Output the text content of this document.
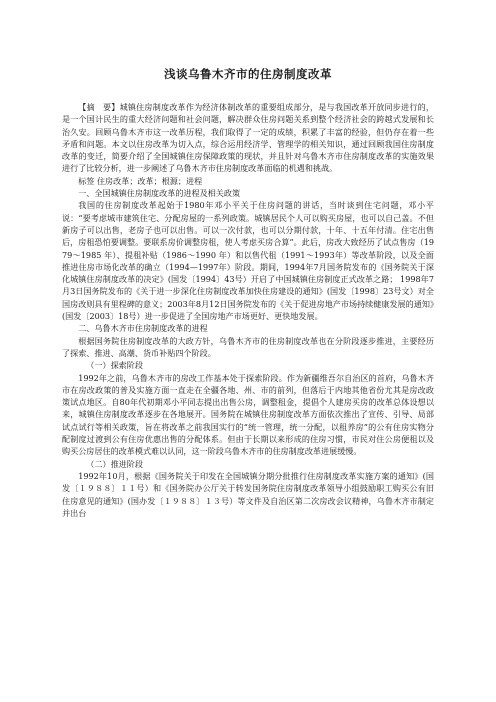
浅谈乌鲁木齐市的住房制度改革

【摘　要】城镇住房制度改革作为经济体制改革的重要组成部分，是与我国改革开放同步进行的，是一个国计民生的重大经济问题和社会问题，解决群众住房问题关系到整个经济社会的跨越式发展和长治久安。回顾乌鲁木齐市这一改革历程，我们取得了一定的成绩，积累了丰富的经验，但仍存在着一些矛盾和问题。本文以住房改革为切入点，综合运用经济学、管理学的相关知识，通过回顾我国住房制度改革的变迁，简要介绍了全国城镇住房保障政策的现状，并且针对乌鲁木齐市住房制度改革的实施效果进行了比较分析，进一步阐述了乌鲁木齐市住房制度改革面临的机遇和挑战。

标签 住房改革；改革；根源；进程

一、全国城镇住房制度改革的进程及相关政策

我国的住房制度改革起始于1980年邓小平关于住房问题的讲话，当时谈到住宅问题，邓小平说：“要考虑城市建筑住宅、分配房屋的一系列政策。城镇居民个人可以购买房屋，也可以自己盖。不但新房子可以出售，老房子也可以出售。可以一次付款，也可以分期付款，十年、十五年付清。住宅出售后，房租恐怕要调整。要联系房价调整房租，使人考虑买房合算”。此后，房改大致经历了试点售房（1979～1985 年）、提租补贴（1986～1990 年）和以售代租（1991～1993年）等改革阶段，以及全面推进住房市场化改革的确立（1994—1997年）阶段。期间，1994年7月国务院发布的《国务院关于深化城镇住房制度改革的决定》(国发〔1994〕43号）开启了中国城镇住房制度正式改革之路； 1998年7月3日国务院发布的《关于进一步深化住房制度改革加快住房建设的通知》(国发〔1998〕23号文）对全国房改则具有里程碑的意义；2003年8月12日国务院发布的《关于促进房地产市场持续健康发展的通知》(国发〔2003〕18号）进一步促进了全国房地产市场更好、更快地发展。

二、乌鲁木齐市住房制度改革的进程

根据国务院住房制度改革的大政方针，乌鲁木齐市的住房制度改革也在分阶段逐步推进，主要经历了探索、推进、高潮、货币补贴四个阶段。

（一）探索阶段

1992年之前，乌鲁木齐市的房改工作基本处于探索阶段。作为新疆维吾尔自治区的首府，乌鲁木齐市在房改政策的普及实施方面一直走在全疆各地、州、市的前列，但落后于内地其他省份尤其是房改政策试点地区。自80年代初期邓小平同志提出出售公房，调整租金，提倡个人建房买房的改革总体设想以来，城镇住房制度改革逐步在各地展开。国务院在城镇住房制度改革方面依次推出了宣传、引导、局部试点试行等相关政策，旨在将改革之前我国实行的“统一管理，统一分配，以租养房”的公有住房实物分配制度过渡到公有住房优惠出售的分配体系。但由于长期以来形成的住房习惯，市民对住公房便租以及购买公房居住的改革模式难以认同，这一阶段乌鲁木齐市的住房制度改革进展缓慢。

（二）推进阶段

1992年10月，根据《国务院关于印发在全国城镇分期分批推行住房制度改革实施方案的通知》(国发〔１９８８〕１１号）和《国务院办公厅关于转发国务院住房制度改革领导小组鼓励职工购买公有旧住房意见的通知》(国办发〔１９８８〕１３号）等文件及自治区第二次房改会议精神，乌鲁木齐市制定并出台
